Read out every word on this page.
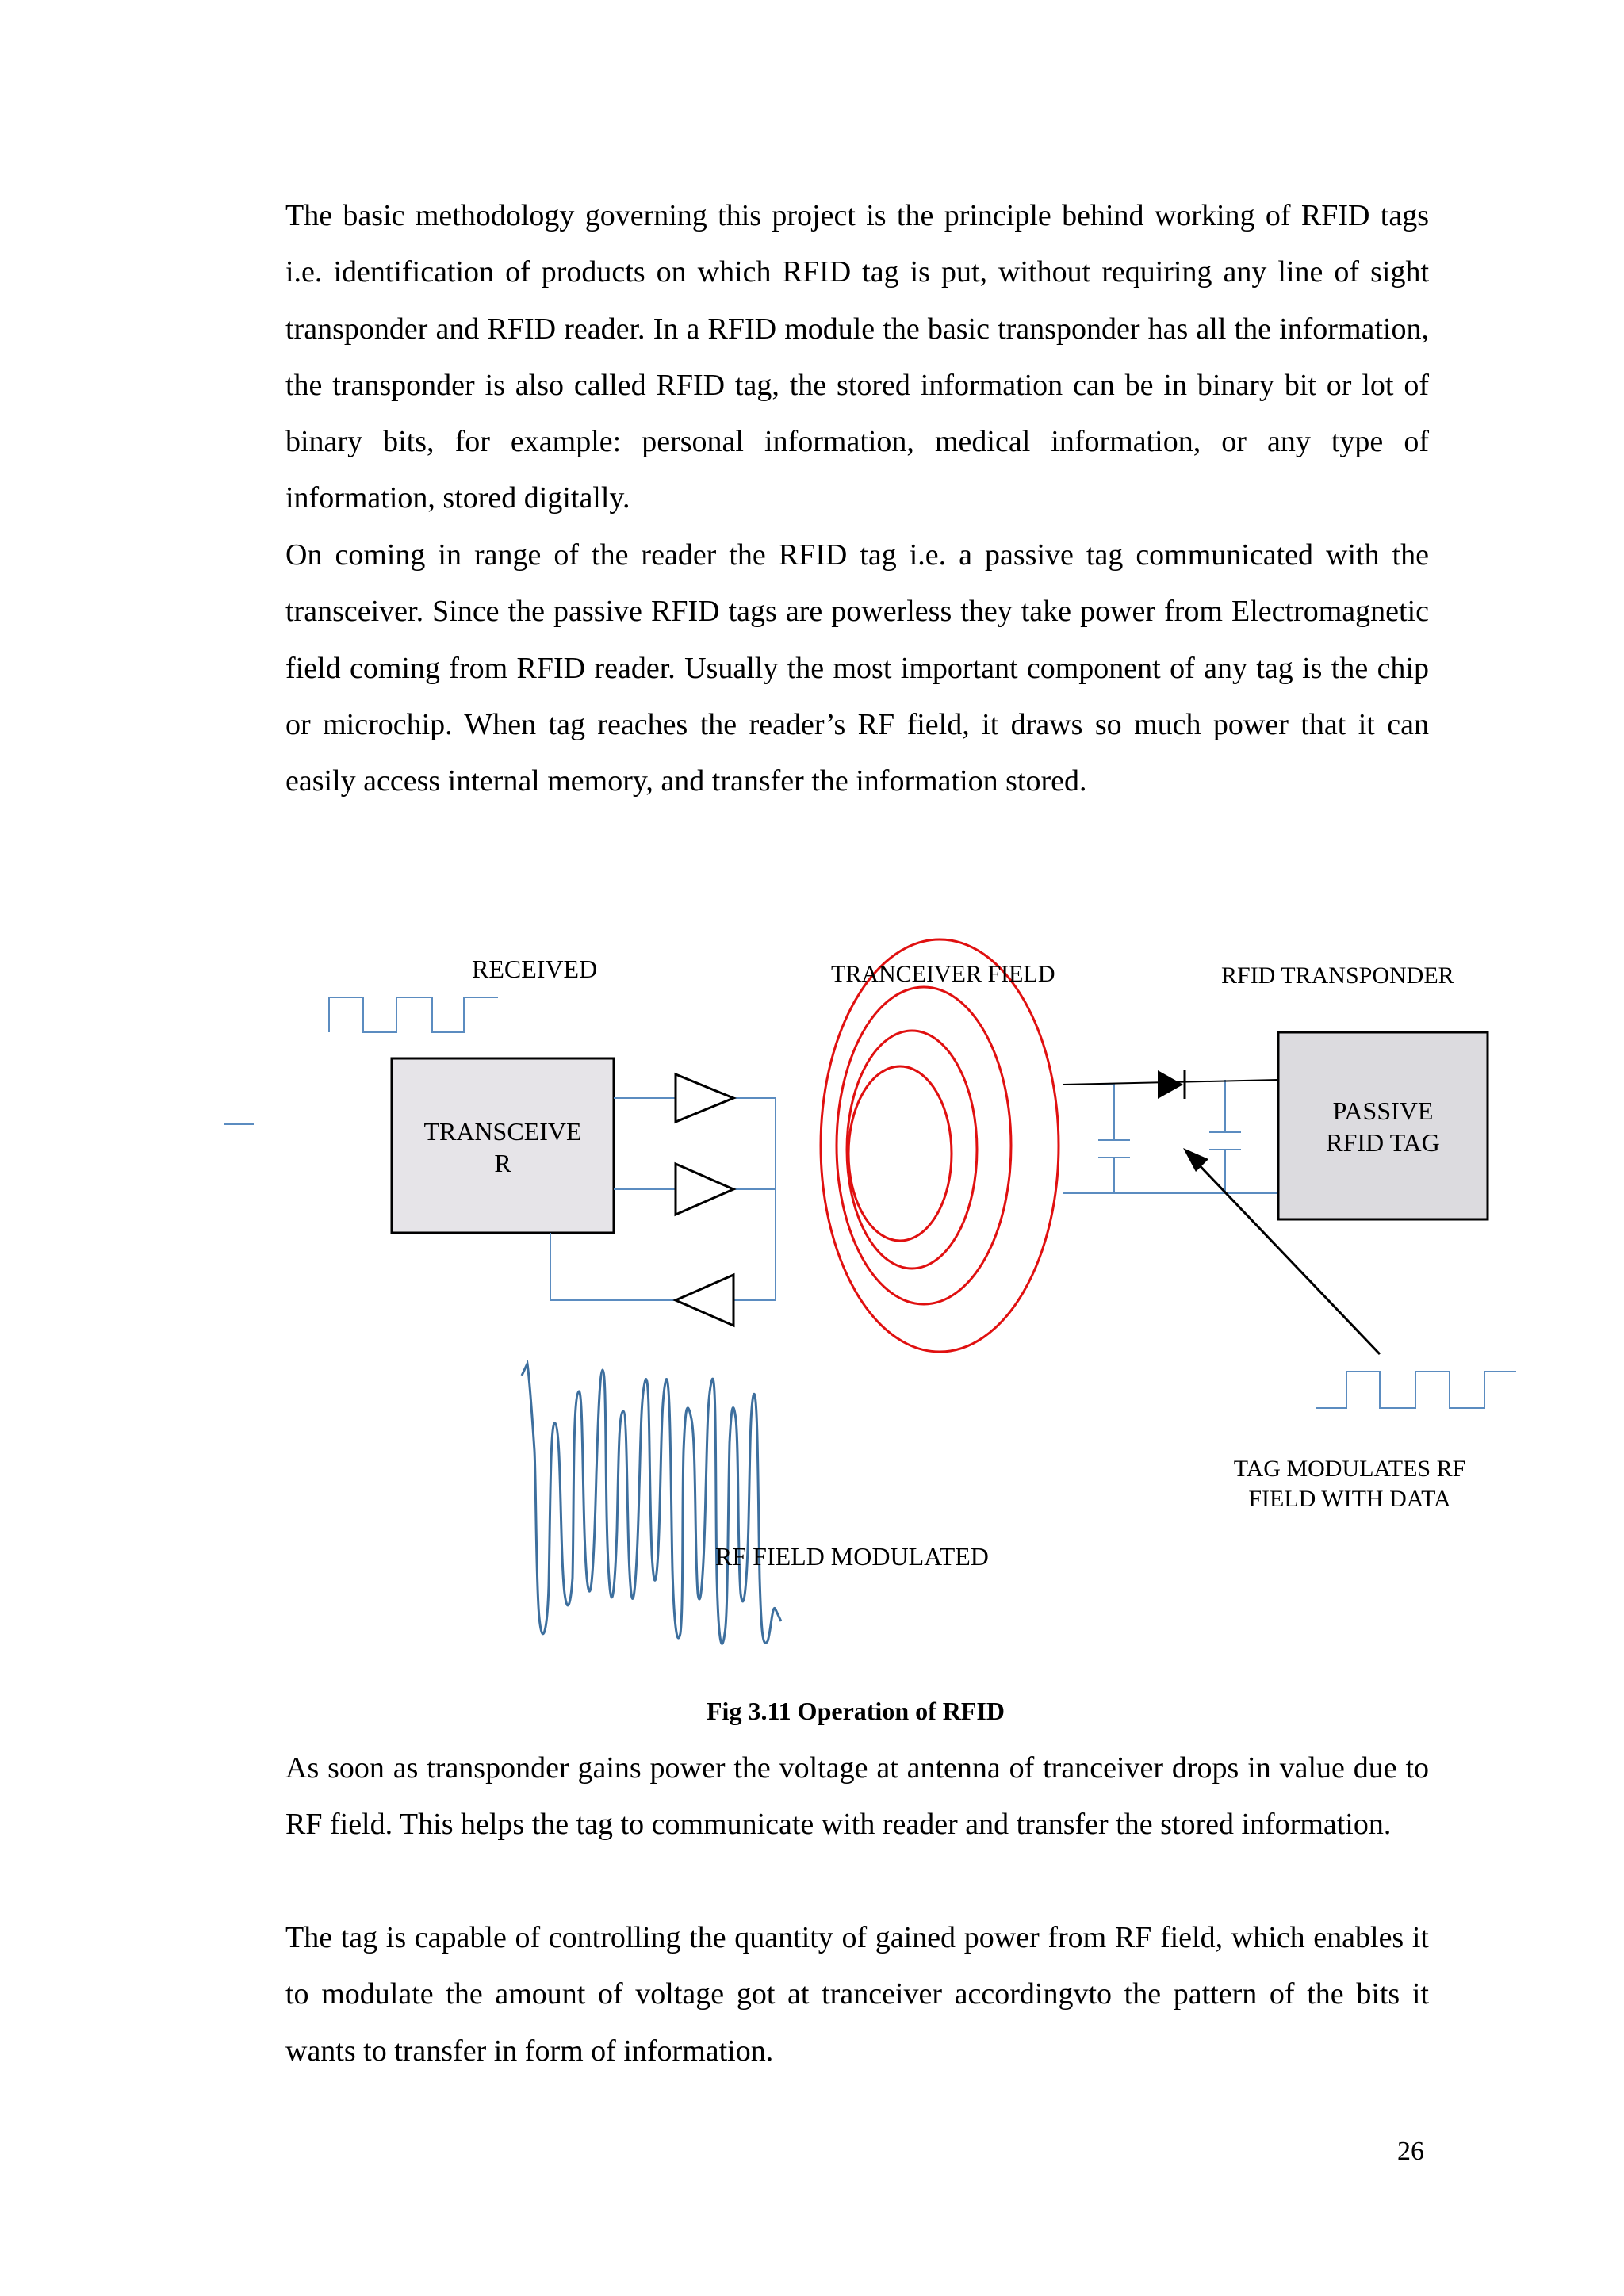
The basic methodology governing this project is the principle behind working of RFID tags i.e. identification of products on which RFID tag is put, without requiring any line of sight transponder and RFID reader. In a RFID module the basic transponder has all the information, the transponder is also called RFID tag, the stored information can be in binary bit or lot of binary bits, for example: personal information, medical information, or any type of information, stored digitally.

On coming in range of the reader the RFID tag i.e. a passive tag communicated with the transceiver. Since the passive RFID tags are powerless they take power from Electromagnetic field coming from RFID reader. Usually the most important component of any tag is the chip or microchip. When tag reaches the reader’s RF field, it draws so much power that it can easily access internal memory, and transfer the information stored.

TRANSCEIVE
R
PASSIVE
RFID TAG
RECEIVED	TRANCEIVER FIELD	RFID TRANSPONDER
TAG MODULATES RF
FIELD WITH DATA
RF FIELD MODULATED

Fig 3.11 Operation of RFID

As soon as transponder gains power the voltage at antenna of tranceiver drops in value due to RF field. This helps the tag to communicate with reader and transfer the stored information.

The tag is capable of controlling the quantity of gained power from RF field, which enables it to modulate the amount of voltage got at tranceiver accordingvto the pattern of the bits it wants to transfer in form of information.

26
